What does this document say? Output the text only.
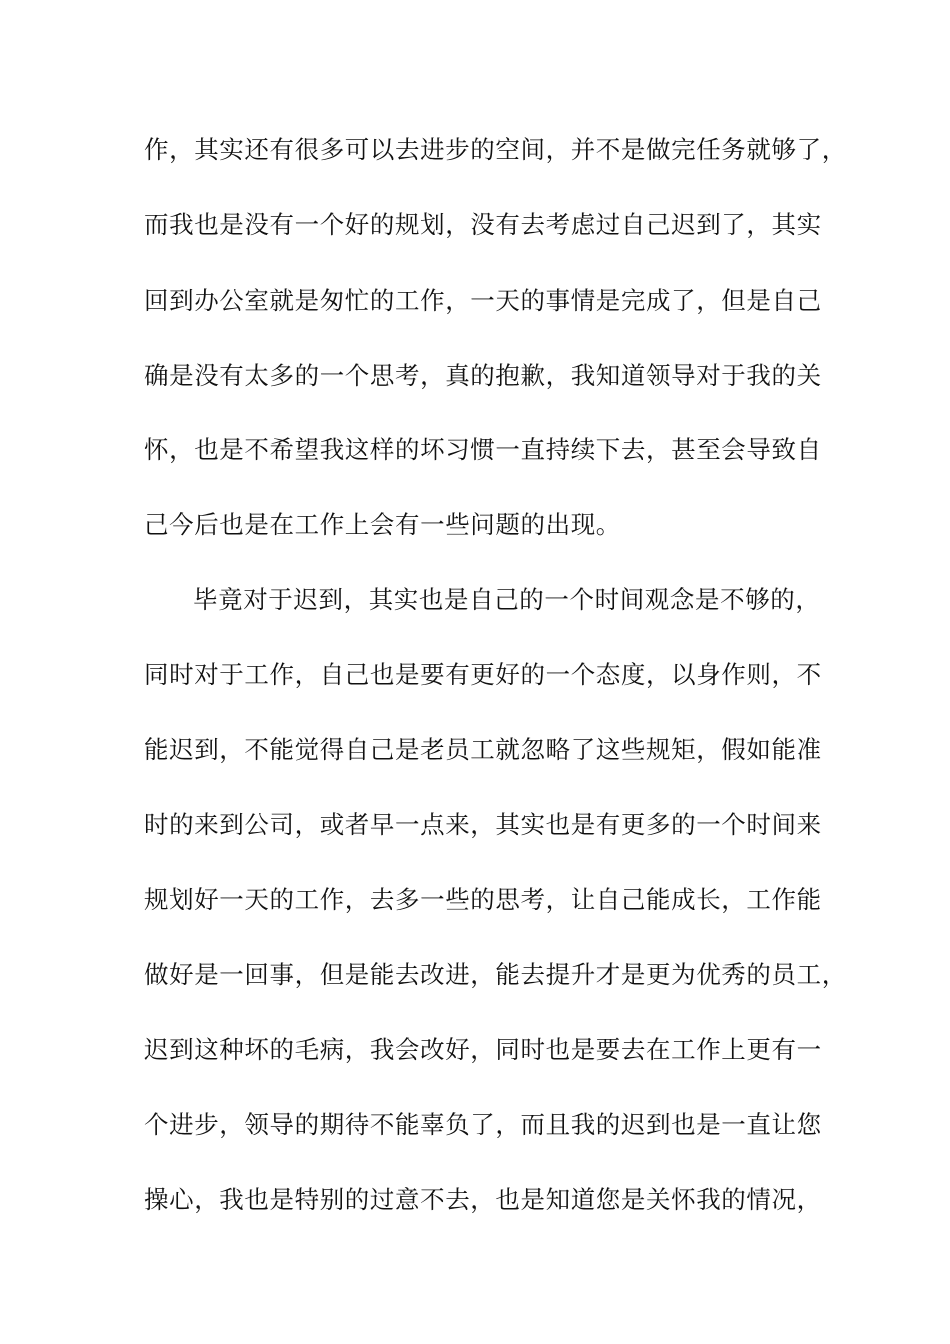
作，其实还有很多可以去进步的空间，并不是做完任务就够了，
而我也是没有一个好的规划，没有去考虑过自己迟到了，其实
回到办公室就是匆忙的工作，一天的事情是完成了，但是自己
确是没有太多的一个思考，真的抱歉，我知道领导对于我的关
怀，也是不希望我这样的坏习惯一直持续下去，甚至会导致自
己今后也是在工作上会有一些问题的出现。
毕竟对于迟到，其实也是自己的一个时间观念是不够的，
同时对于工作，自己也是要有更好的一个态度，以身作则，不
能迟到，不能觉得自己是老员工就忽略了这些规矩，假如能准
时的来到公司，或者早一点来，其实也是有更多的一个时间来
规划好一天的工作，去多一些的思考，让自己能成长，工作能
做好是一回事，但是能去改进，能去提升才是更为优秀的员工，
迟到这种坏的毛病，我会改好，同时也是要去在工作上更有一
个进步，领导的期待不能辜负了，而且我的迟到也是一直让您
操心，我也是特别的过意不去，也是知道您是关怀我的情况，
